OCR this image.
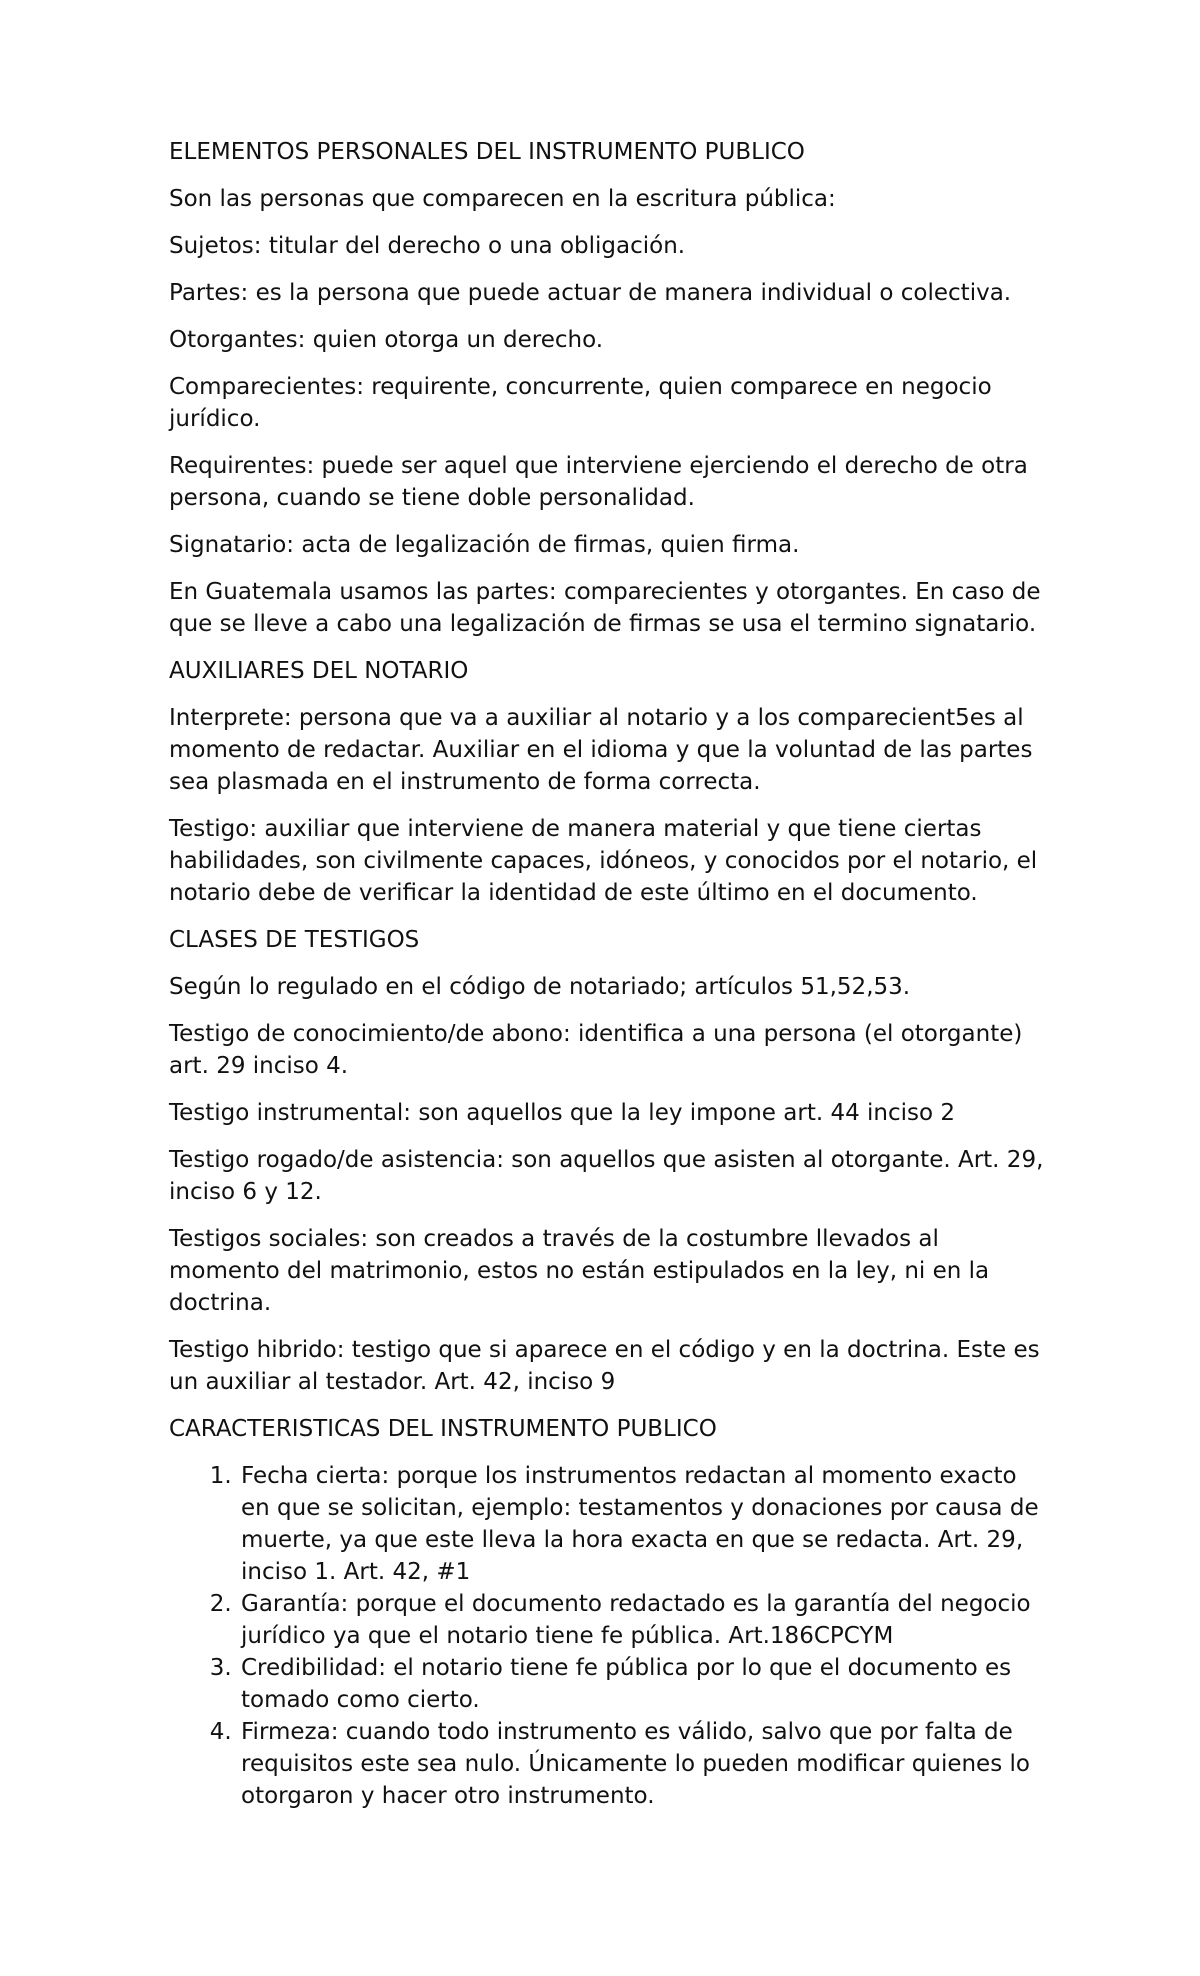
ELEMENTOS PERSONALES DEL INSTRUMENTO PUBLICO

Son las personas que comparecen en la escritura pública:

Sujetos: titular del derecho o una obligación.

Partes: es la persona que puede actuar de manera individual o colectiva.

Otorgantes: quien otorga un derecho.

Comparecientes: requirente, concurrente, quien comparece en negocio jurídico.

Requirentes: puede ser aquel que interviene ejerciendo el derecho de otra persona, cuando se tiene doble personalidad.

Signatario: acta de legalización de firmas, quien firma.

En Guatemala usamos las partes: comparecientes y otorgantes. En caso de que se lleve a cabo una legalización de firmas se usa el termino signatario.

AUXILIARES DEL NOTARIO

Interprete: persona que va a auxiliar al notario y a los comparecient5es al momento de redactar. Auxiliar en el idioma y que la voluntad de las partes sea plasmada en el instrumento de forma correcta.

Testigo: auxiliar que interviene de manera material y que tiene ciertas habilidades, son civilmente capaces, idóneos, y conocidos por el notario, el notario debe de verificar la identidad de este último en el documento.

CLASES DE TESTIGOS

Según lo regulado en el código de notariado; artículos 51,52,53.

Testigo de conocimiento/de abono: identifica a una persona (el otorgante) art. 29 inciso 4.

Testigo instrumental: son aquellos que la ley impone art. 44 inciso 2

Testigo rogado/de asistencia: son aquellos que asisten al otorgante. Art. 29, inciso 6 y 12.

Testigos sociales: son creados a través de la costumbre llevados al momento del matrimonio, estos no están estipulados en la ley, ni en la doctrina.

Testigo hibrido: testigo que si aparece en el código y en la doctrina. Este es un auxiliar al testador. Art. 42, inciso 9

CARACTERISTICAS DEL INSTRUMENTO PUBLICO

1. Fecha cierta: porque los instrumentos redactan al momento exacto en que se solicitan, ejemplo: testamentos y donaciones por causa de muerte, ya que este lleva la hora exacta en que se redacta. Art. 29, inciso 1. Art. 42, #1
2. Garantía: porque el documento redactado es la garantía del negocio jurídico ya que el notario tiene fe pública. Art.186CPCYM
3. Credibilidad: el notario tiene fe pública por lo que el documento es tomado como cierto.
4. Firmeza: cuando todo instrumento es válido, salvo que por falta de requisitos este sea nulo. Únicamente lo pueden modificar quienes lo otorgaron y hacer otro instrumento.
